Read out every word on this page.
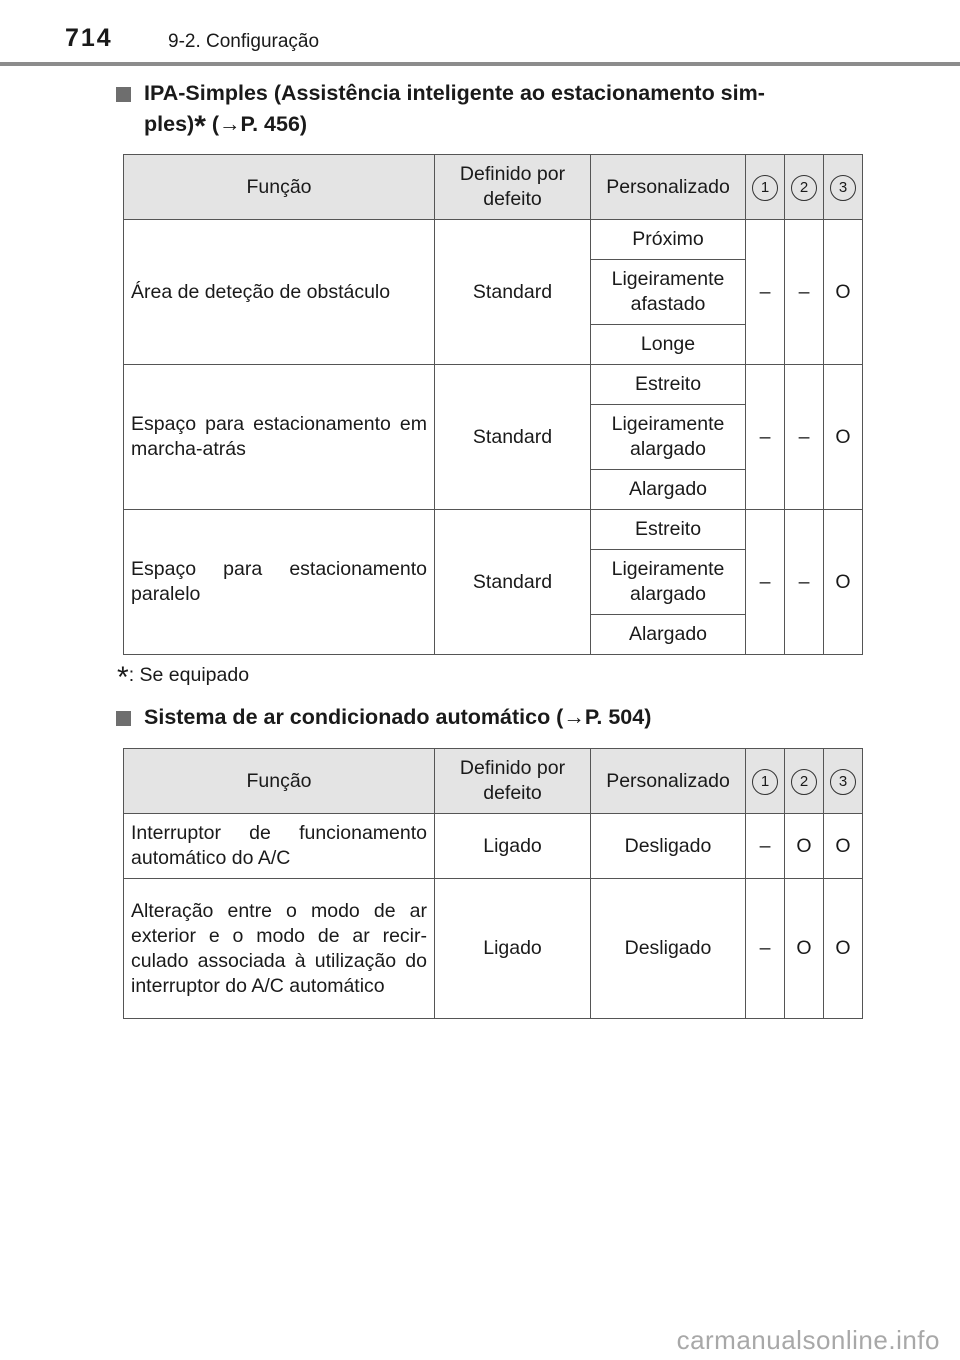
714	9-2. Configuração
IPA-Simples (Assistência inteligente ao estacionamento sim-
ples)* (→P. 456)
Função	Definido por defeito	Personalizado	1	2	3
Área de deteção de obstáculo	Standard	Próximo	–	–	O
		Ligeiramente afastado			
		Longe			
Espaço para estacionamento em marcha-atrás	Standard	Estreito	–	–	O
		Ligeiramente alargado			
		Alargado			
Espaço para estacionamento paralelo	Standard	Estreito	–	–	O
		Ligeiramente alargado			
		Alargado			
*: Se equipado
Sistema de ar condicionado automático (→P. 504)
Função	Definido por defeito	Personalizado	1	2	3
Interruptor de funcionamento automático do A/C	Ligado	Desligado	–	O	O
Alteração entre o modo de ar exterior e o modo de ar recir-culado associada à utilização do interruptor do A/C automático	Ligado	Desligado	–	O	O
carmanualsonline.info
